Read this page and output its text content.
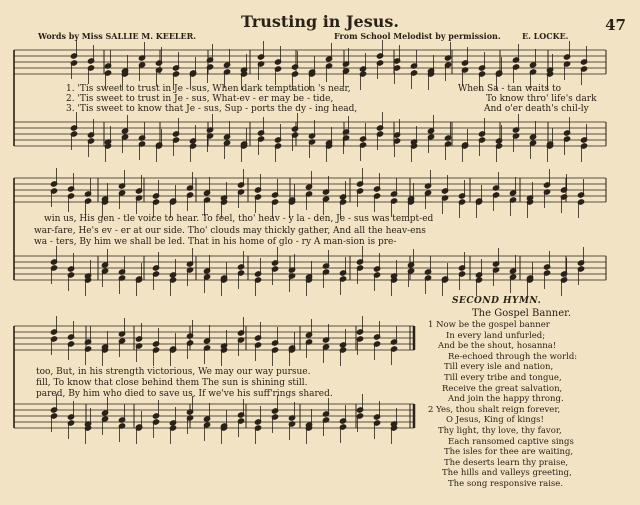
Trusting in Jesus.	47
Words by Miss SALLIE M. KEELER.	From School Melodist by permission.	E. LOCKE.
1. 'Tis sweet to trust in Je - sus, When dark temptation 's near,	When Sa - tan waits to
2. 'Tis sweet to trust in Je - sus, What-ev - er may be - tide,	To know thro' life's dark
3. 'Tis sweet to know that Je - sus, Sup - ports the dy - ing head,	And o'er death's chil-ly
win us, His gen - tle voice to hear. To feel, tho' heav - y la - den, Je - sus was tempt-ed
war-fare, He's ev - er at our side. Tho' clouds may thickly gather, And all the heav-ens
wa - ters, By him we shall be led. That in his home of glo - ry A man-sion is pre-
too, But, in his strength victorious, We may our way pursue.
fill, To know that close behind them The sun is shining still.
pared, By him who died to save us, If we've his suff'rings shared.
SECOND HYMN.
The Gospel Banner.
1 Now be the gospel banner
In every land unfurled;
And be the shout, hosanna!
Re-echoed through the world:
Till every isle and nation,
Till every tribe and tongue,
Receive the great salvation,
And join the happy throng.
2 Yes, thou shalt reign forever,
O Jesus, King of kings!
Thy light, thy love, thy favor,
Each ransomed captive sings
The isles for thee are waiting,
The deserts learn thy praise,
The hills and valleys greeting,
The song responsive raise.
